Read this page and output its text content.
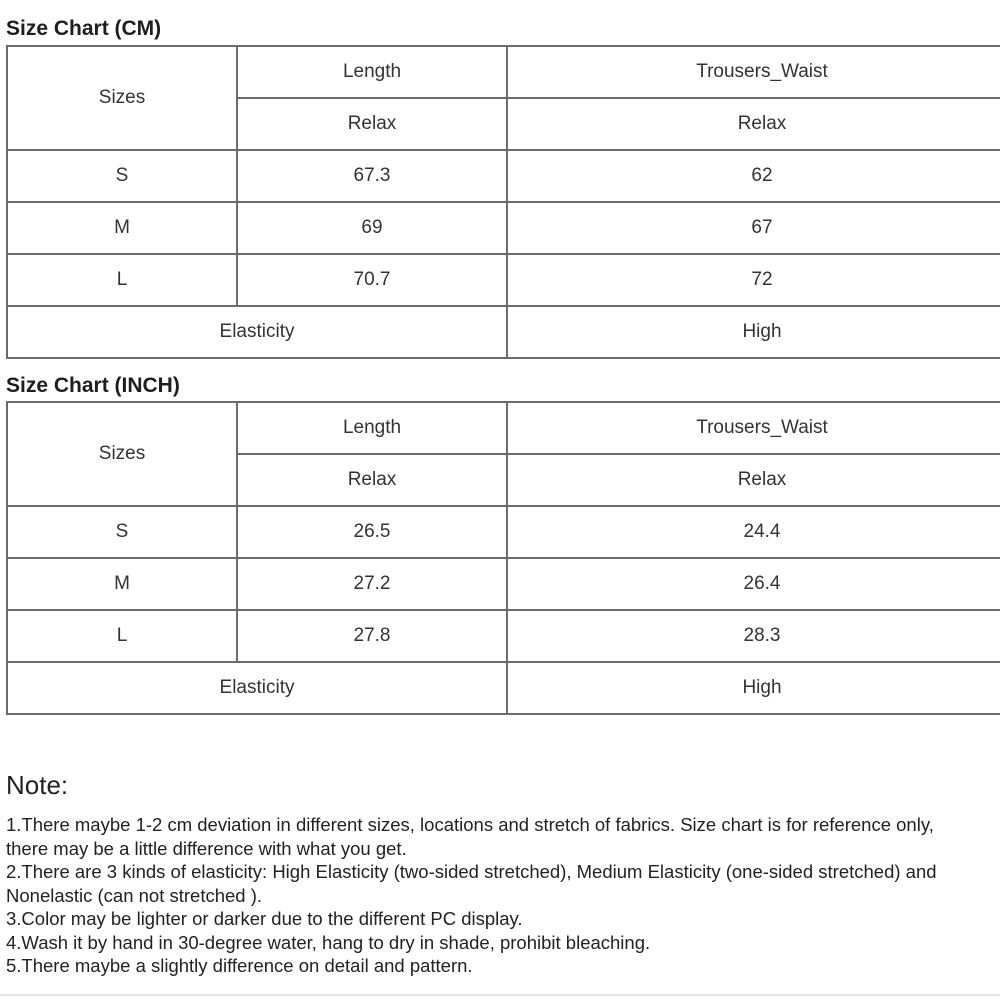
Size Chart (CM)
Sizes	Length	Trousers_Waist
	Relax	Relax
S	67.3	62
M	69	67
L	70.7	72
Elasticity		High
Size Chart (INCH)
Sizes	Length	Trousers_Waist
	Relax	Relax
S	26.5	24.4
M	27.2	26.4
L	27.8	28.3
Elasticity		High

Note:

1.There maybe 1-2 cm deviation in different sizes, locations and stretch of fabrics. Size chart is for reference only,

there may be a little difference with what you get.

2.There are 3 kinds of elasticity: High Elasticity (two-sided stretched), Medium Elasticity (one-sided stretched) and

Nonelastic (can not stretched ).

3.Color may be lighter or darker due to the different PC display.

4.Wash it by hand in 30-degree water, hang to dry in shade, prohibit bleaching.

5.There maybe a slightly difference on detail and pattern.
